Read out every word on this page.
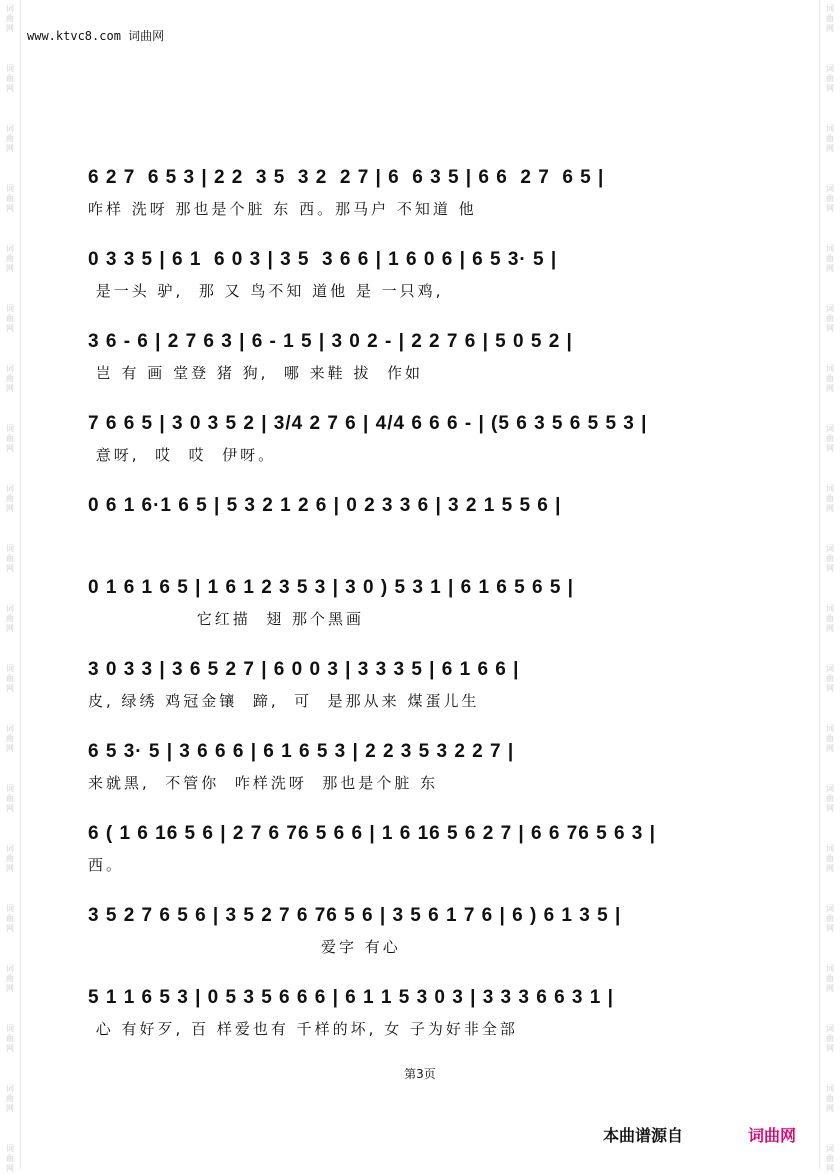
词
曲
网
词
曲
网
词
曲
网
词
曲
网
词
曲
网
词
曲
网
词
曲
网
词
曲
网
词
曲
网
词
曲
网
词
曲
网
词
曲
网
词
曲
网
词
曲
网
词
曲
网
词
曲
网
词
曲
网
词
曲
网
词
曲
网
词
曲
网
词
曲
网
词
曲
网
词
曲
网
词
曲
网
词
曲
网
词
曲
网
词
曲
网
词
曲
网
词
曲
网
词
曲
网
词
曲
网
词
曲
网
词
曲
网
词
曲
网
词
曲
网
词
曲
网
词
曲
网
词
曲
网
词
曲
网
词
曲
网
www.ktvc8.com 词曲网
6 2 7  6 5 3 | 2 2  3 5  3 2  2 7 | 6  6 3 5 | 6 6  2 7  6 5 |
咋样 洗呀 那也是个脏 东 西。那马户 不知道 他
0 3 3 5 | 6 1  6 0 3 | 3 5  3 6 6 | 1 6 0 6 | 6 5 3· 5 |
是一头 驴,  那 又 鸟不知 道他 是 一只鸡,
3 6 - 6 | 2 7 6 3 | 6 - 1 5 | 3 0 2 - | 2 2 7 6 | 5 0 5 2 |
岂 有 画 堂登 猪 狗,  哪 来鞋 拔  作如
7 6 6 5 | 3 0 3 5 2 | 3/4 2 7 6 | 4/4 6 6 6 - | (5 6 3 5 6 5 5 3 |
意呀,  哎  哎  伊呀。
0 6 1 6·1 6 5 | 5 3 2 1 2 6 | 0 2 3 3 6 | 3 2 1 5 5 6 |
0 1 6 1 6 5 | 1 6 1 2 3 5 3 | 3 0 ) 5 3 1 | 6 1 6 5 6 5 |
它红描  翅 那个黑画
3 0 3 3 | 3 6 5 2 7 | 6 0 0 3 | 3 3 3 5 | 6 1 6 6 |
皮, 绿绣 鸡冠金镶  蹄,  可  是那从来 煤蛋儿生
6 5 3· 5 | 3 6 6 6 | 6 1 6 5 3 | 2 2 3 5 3 2 2 7 |
来就黑,  不管你  咋样洗呀  那也是个脏 东
6 ( 1 6 16 5 6 | 2 7 6 76 5 6 6 | 1 6 16 5 6 2 7 | 6 6 76 5 6 3 |
西。
3 5 2 7 6 5 6 | 3 5 2 7 6 76 5 6 | 3 5 6 1 7 6 | 6 ) 6 1 3 5 |
爱字 有心
5 1 1 6 5 3 | 0 5 3 5 6 6 6 | 6 1 1 5 3 0 3 | 3 3 3 6 6 3 1 |
心 有好歹, 百 样爱也有 千样的坏, 女 子为好非全部
第3页
本曲谱源自	词曲网
